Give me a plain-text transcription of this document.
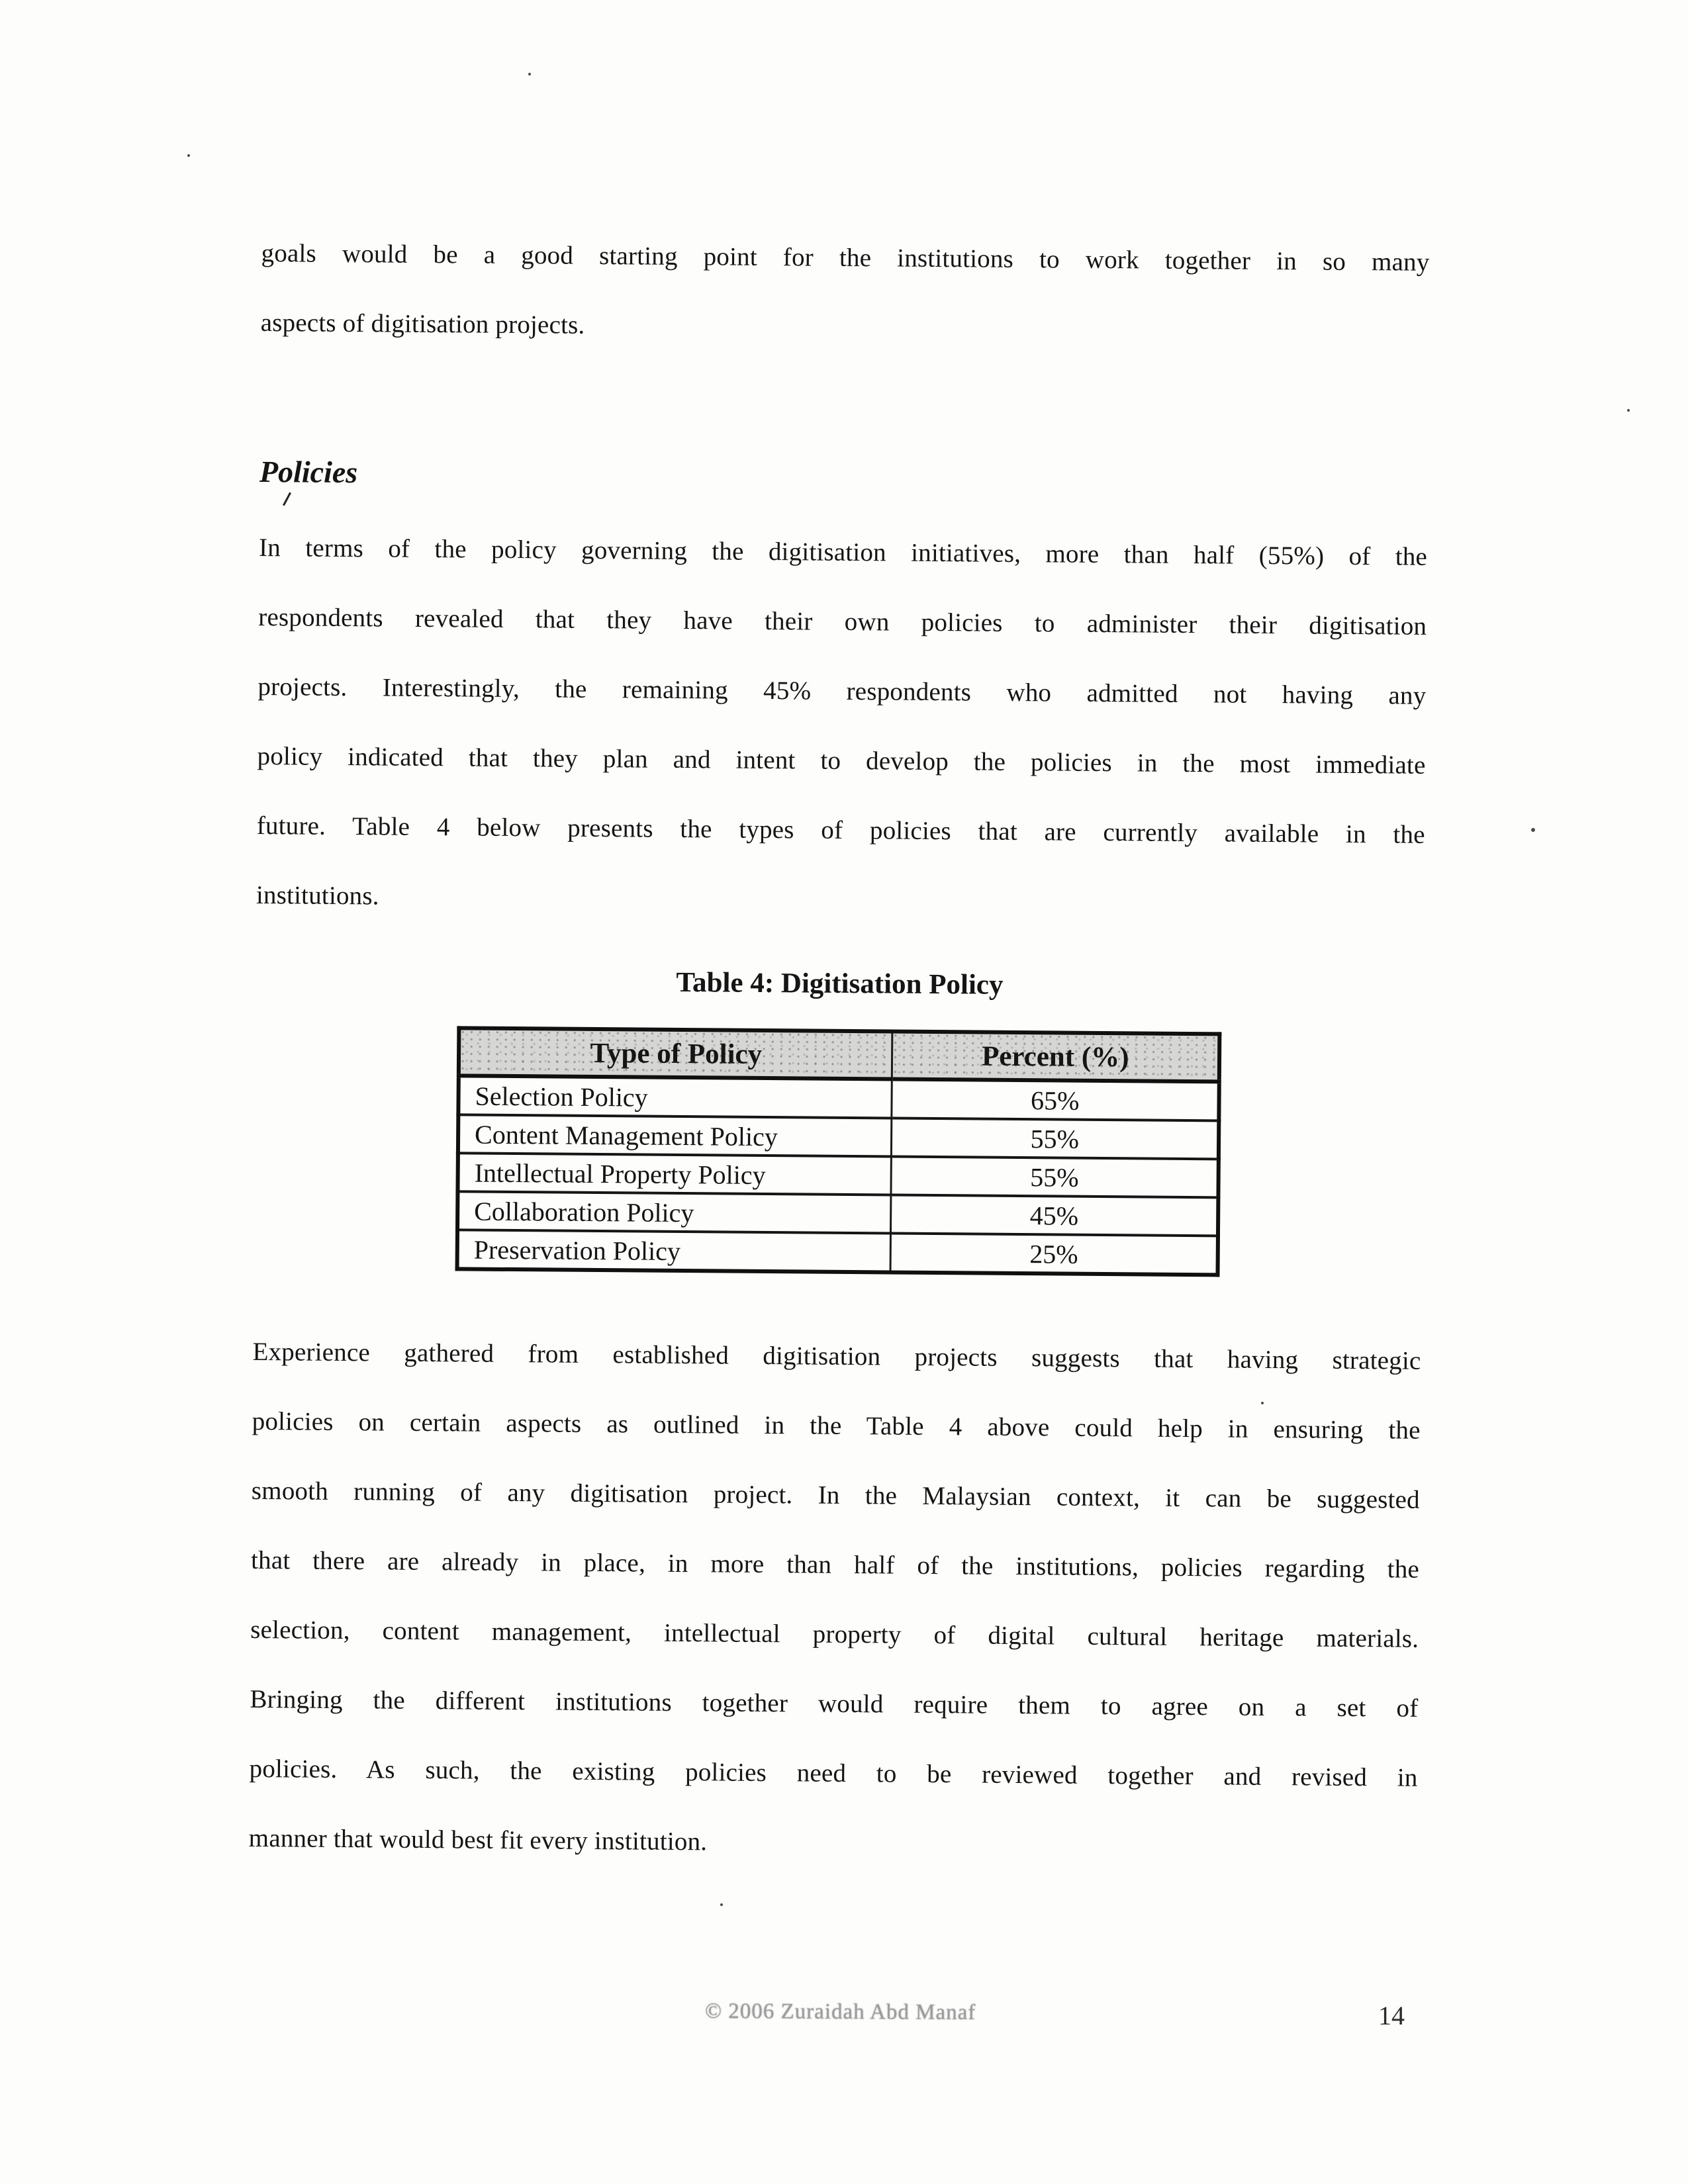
goals would be a good starting point for the institutions to work together in so many
aspects of digitisation projects.
Policies
In terms of the policy governing the digitisation initiatives, more than half (55%) of the
respondents revealed that they have their own policies to administer their digitisation
projects. Interestingly, the remaining 45% respondents who admitted not having any
policy indicated that they plan and intent to develop the policies in the most immediate
future. Table 4 below presents the types of policies that are currently available in the
institutions.
Table 4: Digitisation Policy
Type of Policy	Percent (%)
Selection Policy	65%
Content Management Policy	55%
Intellectual Property Policy	55%
Collaboration Policy	45%
Preservation Policy	25%
Experience gathered from established digitisation projects suggests that having strategic
policies on certain aspects as outlined in the Table 4 above could help in ensuring the
smooth running of any digitisation project. In the Malaysian context, it can be suggested
that there are already in place, in more than half of the institutions, policies regarding the
selection, content management, intellectual property of digital cultural heritage materials.
Bringing the different institutions together would require them to agree on a set of
policies. As such, the existing policies need to be reviewed together and revised in
manner that would best fit every institution.
© 2006 Zuraidah Abd Manaf	14
